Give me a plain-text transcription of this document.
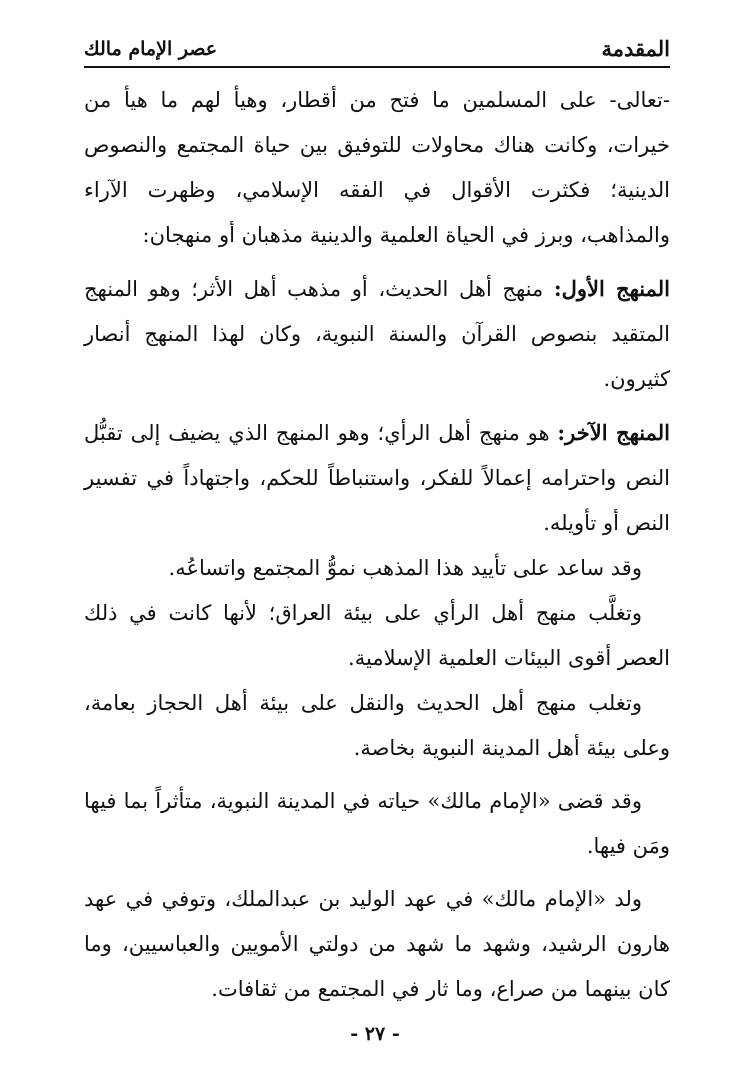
المقدمة
عصر الإمام مالك

-تعالى- على المسلمين ما فتح من أقطار، وهيأ لهم ما هيأ من خيرات، وكانت هناك محاولات للتوفيق بين حياة المجتمع والنصوص الدينية؛ فكثرت الأقوال في الفقه الإسلامي، وظهرت الآراء والمذاهب، وبرز في الحياة العلمية والدينية مذهبان أو منهجان:

المنهج الأول: منهج أهل الحديث، أو مذهب أهل الأثر؛ وهو المنهج المتقيد بنصوص القرآن والسنة النبوية، وكان لهذا المنهج أنصار كثيرون.

المنهج الآخر: هو منهج أهل الرأي؛ وهو المنهج الذي يضيف إلى تقبُّل النص واحترامه إعمالاً للفكر، واستنباطاً للحكم، واجتهاداً في تفسير النص أو تأويله.

وقد ساعد على تأييد هذا المذهب نموُّ المجتمع واتساعُه.

وتغلَّب منهج أهل الرأي على بيئة العراق؛ لأنها كانت في ذلك العصر أقوى البيئات العلمية الإسلامية.

وتغلب منهج أهل الحديث والنقل على بيئة أهل الحجاز بعامة، وعلى بيئة أهل المدينة النبوية بخاصة.

وقد قضى «الإمام مالك» حياته في المدينة النبوية، متأثراً بما فيها ومَن فيها.

ولد «الإمام مالك» في عهد الوليد بن عبدالملك، وتوفي في عهد هارون الرشيد، وشهد ما شهد من دولتي الأمويين والعباسيين، وما كان بينهما من صراع، وما ثار في المجتمع من ثقافات.

- ٢٧ -
